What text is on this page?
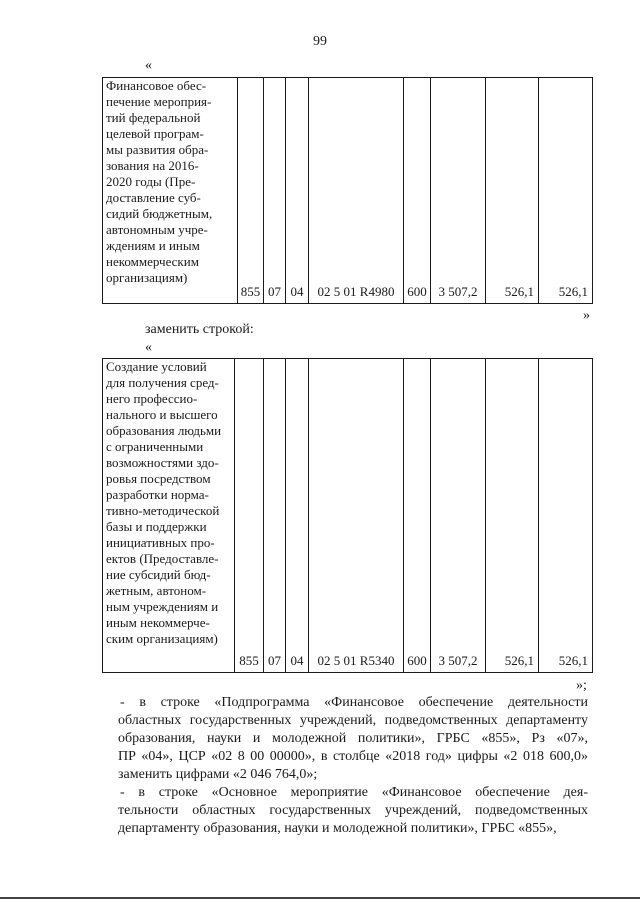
99
«
Финансовое обес-
печение мероприя-
тий федеральной
целевой програм-
мы развития обра-
зования на 2016-
2020 годы (Пре-
доставление суб-
сидий бюджетным,
автономным учре-
ждениям и иным
некоммерческим
организациям)
	855	07	04	02 5 01 R4980	600	3 507,2	526,1	526,1
»
заменить строкой:
«
Создание условий
для получения сред-
него профессио-
нального и высшего
образования людьми
с ограниченными
возможностями здо-
ровья посредством
разработки норма-
тивно-методической
базы и поддержки
инициативных про-
ектов (Предоставле-
ние субсидий бюд-
жетным, автоном-
ным учреждениям и
иным некоммерче-
ским организациям)
	855	07	04	02 5 01 R5340	600	3 507,2	526,1	526,1
»;
- в строке «Подпрограмма «Финансовое обеспечение деятельности
областных государственных учреждений, подведомственных департаменту
образования, науки и молодежной политики», ГРБС «855», Рз «07»,
ПР «04», ЦСР «02 8 00 00000», в столбце «2018 год» цифры «2 018 600,0»
заменить цифрами «2 046 764,0»;
- в строке «Основное мероприятие «Финансовое обеспечение дея-
тельности областных государственных учреждений, подведомственных
департаменту образования, науки и молодежной политики», ГРБС «855»,
